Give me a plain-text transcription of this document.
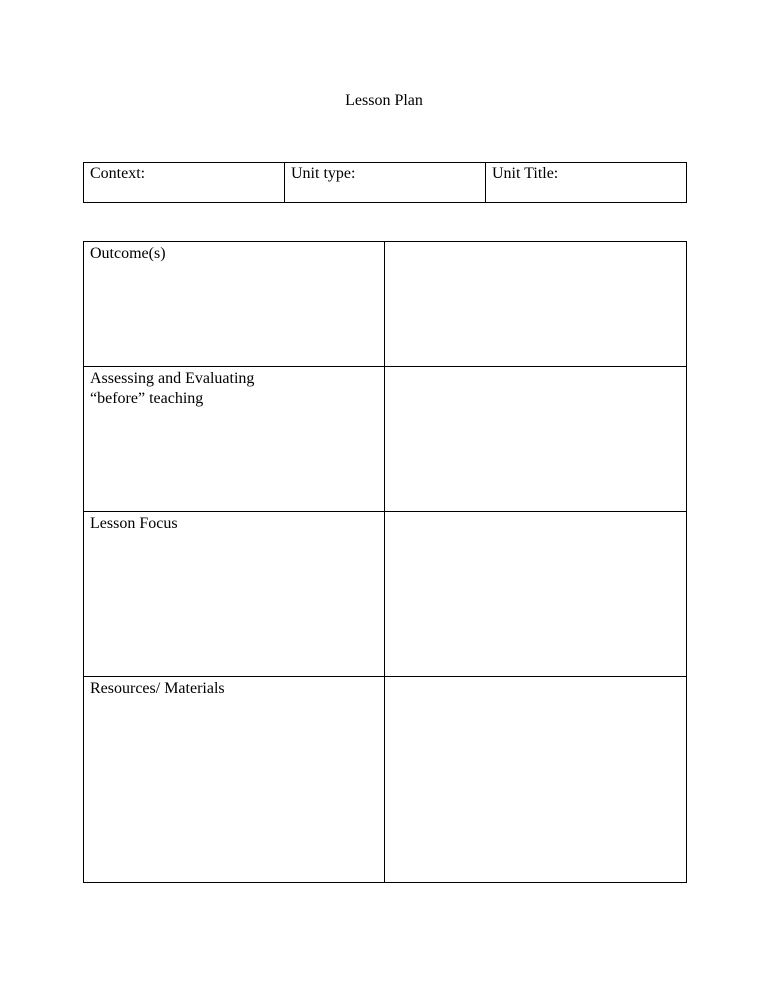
Lesson Plan
Context:	Unit type:	Unit Title:
Outcome(s)	
Assessing and Evaluating
“before” teaching	
Lesson Focus	
Resources/ Materials	
